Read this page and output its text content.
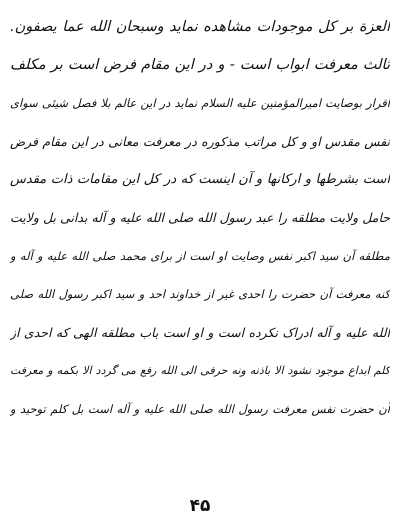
العزة بر کل موجودات مشاهده نماید وسبحان الله عما یصفون.
ثالث معرفت ابواب است - و در این مقام فرض است بر مکلف
اقرار بوصایت امیرالمؤمنین علیه السلام نماید در این عالم بلا فصل شیئی سوای
نفس مقدس او و کل مراتب مذکوره در معرفت معانی در این مقام فرض
است بشرطها و ارکانها و آن اینست که در کل این مقامات ذات مقدس
حامل ولایت مطلقه را عبد رسول الله صلی الله علیه و آله بدانی بل ولایت
مطلقه آن سید اکبر نفس وصایت او است از برای محمد صلی الله علیه و آله و
کنه معرفت آن حضرت را احدی غیر از خداوند احد و سید اکبر رسول الله صلی
الله علیه و آله ادراک نکرده است و او است باب مطلقه الهی که احدی از
کلم ابداع موجود نشود الا باذنه ونه حرفی الی الله رفع می گردد الا بکمه و معرفت
آن حضرت نفس معرفت رسول الله صلی الله علیه و آله است بل کلم توحید و
۴۵
